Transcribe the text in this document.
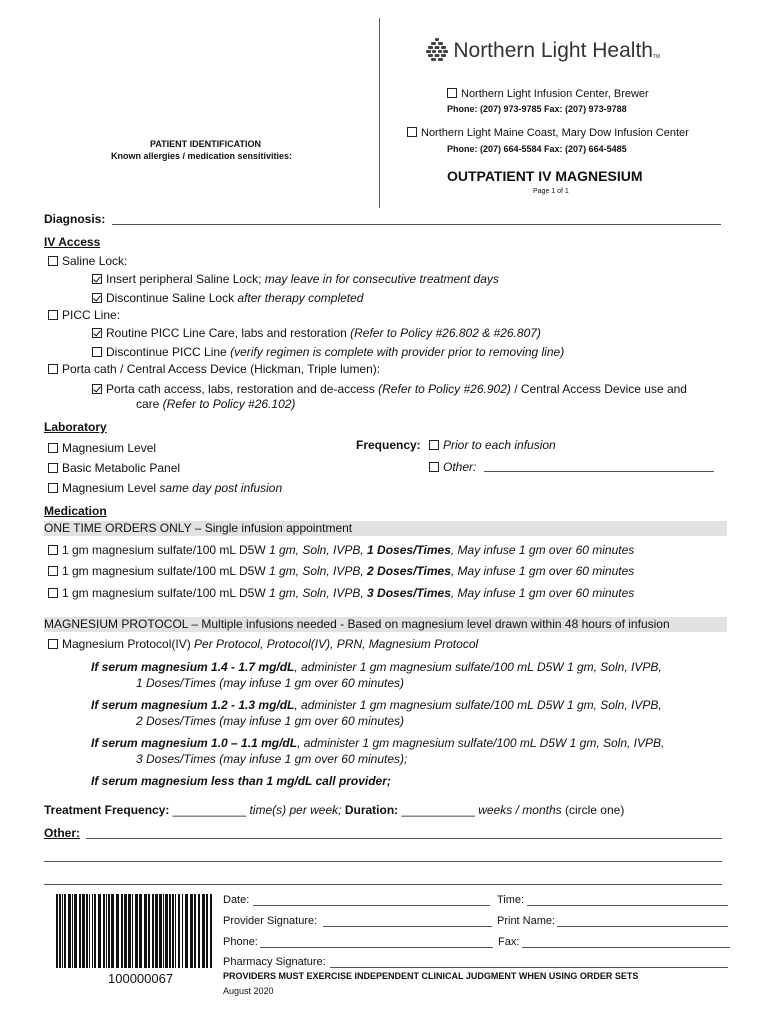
Northern Light Health$_{TM}$
Northern Light Infusion Center, Brewer
Phone: (207) 973-9785 Fax: (207) 973-9788
Northern Light Maine Coast, Mary Dow Infusion Center
Phone: (207) 664-5584 Fax: (207) 664-5485
PATIENT IDENTIFICATION
Known allergies / medication sensitivities:
OUTPATIENT IV MAGNESIUM
Page 1 of 1
Diagnosis:
IV Access
Saline Lock:
Insert peripheral Saline Lock; may leave in for consecutive treatment days
Discontinue Saline Lock after therapy completed
PICC Line:
Routine PICC Line Care, labs and restoration (Refer to Policy #26.802 & #26.807)
Discontinue PICC Line (verify regimen is complete with provider prior to removing line)
Porta cath / Central Access Device (Hickman, Triple lumen):
Porta cath access, labs, restoration and de-access (Refer to Policy #26.902) / Central Access Device use and
care (Refer to Policy #26.102)
Laboratory
Magnesium Level
Basic Metabolic Panel
Magnesium Level same day post infusion
Frequency:	Prior to each infusion
Other:
Medication
ONE TIME ORDERS ONLY – Single infusion appointment
1 gm magnesium sulfate/100 mL D5W 1 gm, Soln, IVPB, 1 Doses/Times, May infuse 1 gm over 60 minutes
1 gm magnesium sulfate/100 mL D5W 1 gm, Soln, IVPB, 2 Doses/Times, May infuse 1 gm over 60 minutes
1 gm magnesium sulfate/100 mL D5W 1 gm, Soln, IVPB, 3 Doses/Times, May infuse 1 gm over 60 minutes
MAGNESIUM PROTOCOL – Multiple infusions needed - Based on magnesium level drawn within 48 hours of infusion
Magnesium Protocol(IV) Per Protocol, Protocol(IV), PRN, Magnesium Protocol
If serum magnesium 1.4 - 1.7 mg/dL, administer 1 gm magnesium sulfate/100 mL D5W 1 gm, Soln, IVPB,
1 Doses/Times (may infuse 1 gm over 60 minutes)
If serum magnesium 1.2 - 1.3 mg/dL, administer 1 gm magnesium sulfate/100 mL D5W 1 gm, Soln, IVPB,
2 Doses/Times (may infuse 1 gm over 60 minutes)
If serum magnesium 1.0 – 1.1 mg/dL, administer 1 gm magnesium sulfate/100 mL D5W 1 gm, Soln, IVPB,
3 Doses/Times (may infuse 1 gm over 60 minutes);
If serum magnesium less than 1 mg/dL call provider;
Treatment Frequency: ___________ time(s) per week; Duration: ___________ weeks / months (circle one)
Other:
100000067
Date:	Time:
Provider Signature:	Print Name:
Phone:	Fax:
Pharmacy Signature:
PROVIDERS MUST EXERCISE INDEPENDENT CLINICAL JUDGMENT WHEN USING ORDER SETS
August 2020
